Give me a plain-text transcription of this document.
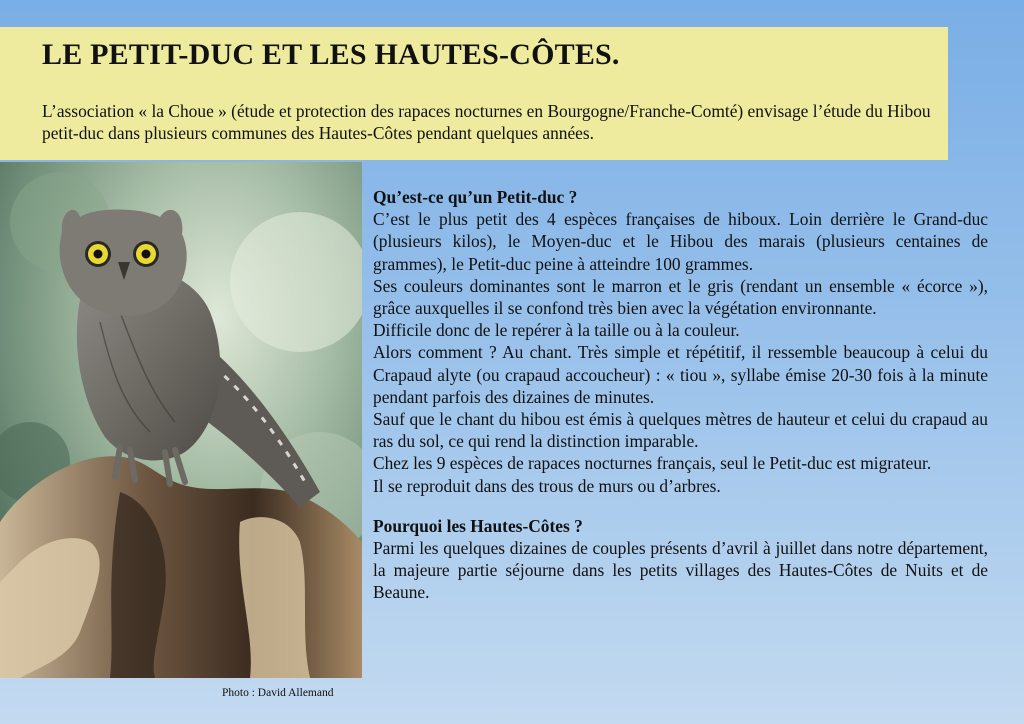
LE PETIT-DUC ET LES HAUTES-CÔTES.

L’association « la Choue » (étude et protection des rapaces nocturnes en Bourgogne/Franche-Comté) envisage l’étude du Hibou petit-duc dans plusieurs communes des Hautes-Côtes pendant quelques années.

Photo : David Allemand

Qu’est-ce qu’un Petit-duc ?

C’est le plus petit des 4 espèces françaises de hiboux. Loin derrière le Grand-duc (plusieurs kilos), le Moyen-duc et le Hibou des marais (plusieurs centaines de grammes), le Petit-duc peine à atteindre 100 grammes.

Ses couleurs dominantes sont le marron et le gris (rendant un ensemble « écorce »), grâce auxquelles il se confond très bien avec la végétation environnante.

Difficile donc de le repérer à la taille ou à la couleur.

Alors comment ? Au chant. Très simple et répétitif, il ressemble beaucoup à celui du Crapaud alyte (ou crapaud accoucheur) : « tiou », syllabe émise 20-30 fois à la minute pendant parfois des dizaines de minutes.

Sauf que le chant du hibou est émis à quelques mètres de hauteur et celui du crapaud au ras du sol, ce qui rend la distinction imparable.

Chez les 9 espèces de rapaces nocturnes français, seul le Petit-duc est migrateur.

Il se reproduit dans des trous de murs ou d’arbres.

Pourquoi les Hautes-Côtes ?

Parmi les quelques dizaines de couples présents d’avril à juillet dans notre département, la majeure partie séjourne dans les petits villages des Hautes-Côtes de Nuits et de Beaune.
